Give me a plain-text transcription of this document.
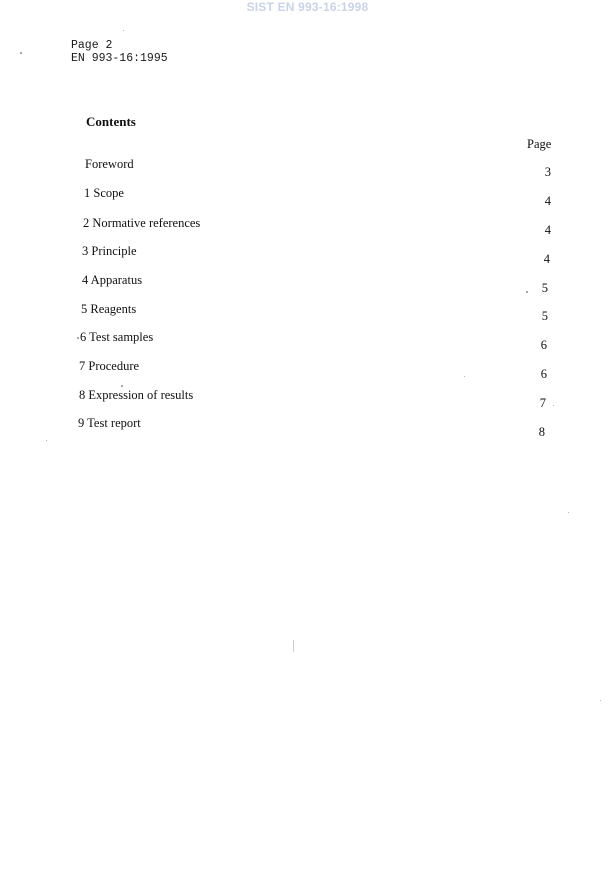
SIST EN 993-16:1998
Page 2
EN 993-16:1995
Contents
Page
Foreword
3
1 Scope
4
2 Normative references	4
3 Principle
4
4 Apparatus
5
5 Reagents	5
6 Test samples
6
7 Procedure
6
8 Expression of results
7
9 Test report
8
